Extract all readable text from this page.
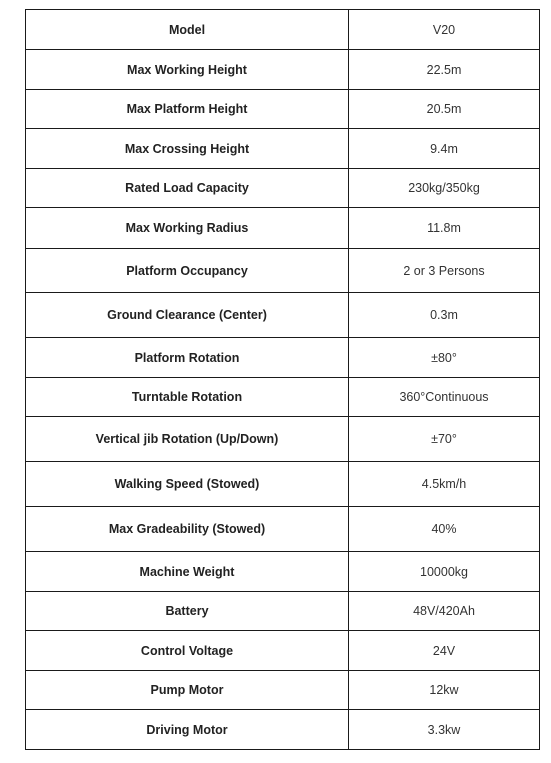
Model	V20
Max Working Height	22.5m
Max Platform Height	20.5m
Max Crossing Height	9.4m
Rated Load Capacity	230kg/350kg
Max Working Radius	11.8m
Platform Occupancy	2 or 3 Persons
Ground Clearance (Center)	0.3m
Platform Rotation	±80°
Turntable Rotation	360°Continuous
Vertical jib Rotation (Up/Down)	±70°
Walking Speed (Stowed)	4.5km/h
Max Gradeability (Stowed)	40%
Machine Weight	10000kg
Battery	48V/420Ah
Control Voltage	24V
Pump Motor	12kw
Driving Motor	3.3kw
